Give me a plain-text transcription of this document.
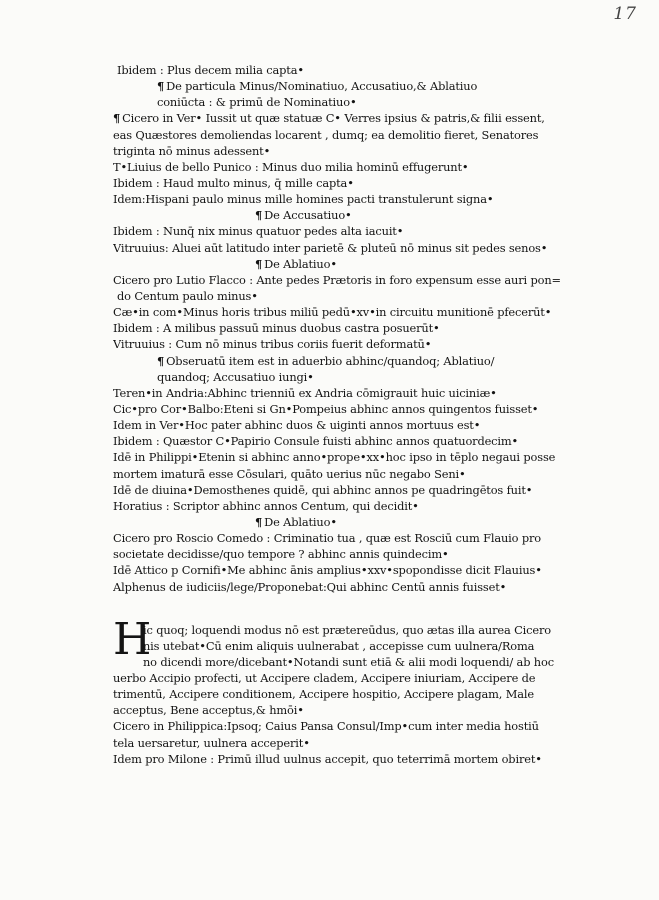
17
Ibidem : Plus decem milia capta•
¶ De particula Minus/Nominatiuo, Accusatiuo,& Ablatiuo
coniūcta : & primū de Nominatiuo•
¶ Cicero in Ver• Iussit ut quæ statuæ C• Verres ipsius & patris,& filii essent,
eas Quæstores demoliendas locarent , dumq; ea demolitio fieret, Senatores
triginta nō minus adessent•
T•Liuius de bello Punico : Minus duo milia hominū effugerunt•
Ibidem : Haud multo minus, q̄ mille capta•
Idem:Hispani paulo minus mille homines pacti transtulerunt signa•
¶ De Accusatiuo•
Ibidem : Nunq̄ nix minus quatuor pedes alta iacuit•
Vitruuius: Aluei aūt latitudo inter parietē & pluteū nō minus sit pedes senos•
¶ De Ablatiuo•
Cicero pro Lutio Flacco : Ante pedes Prætoris in foro expensum esse auri pon=
do Centum paulo minus•
Cæ•in com•Minus horis tribus miliū pedū•xv•in circuitu munitionē pfecerūt•
Ibidem : A milibus passuū minus duobus castra posuerūt•
Vitruuius : Cum nō minus tribus coriis fuerit deformatū•
¶ Obseruatū item est in aduerbio abhinc/quandoq; Ablatiuo/
quandoq; Accusatiuo iungi•
Teren•in Andria:Abhinc trienniū ex Andria cōmigrauit huic uiciniæ•
Cic•pro Cor•Balbo:Eteni si Gn•Pompeius abhinc annos quingentos fuisset•
Idem in Ver•Hoc pater abhinc duos & uiginti annos mortuus est•
Ibidem : Quæstor C•Papirio Consule fuisti abhinc annos quatuordecim•
Idē in Philippi•Etenin si abhinc anno•prope•xx•hoc ipso in tēplo negaui posse
mortem imaturā esse Cōsulari, quāto uerius nūc negabo Seni•
Idē de diuina•Demosthenes quidē, qui abhinc annos pe quadringētos fuit•
Horatius : Scriptor abhinc annos Centum, qui decidit•
¶ De Ablatiuo•
Cicero pro Roscio Comedo : Criminatio tua , quæ est Rosciū cum Flauio pro
societate decidisse/quo tempore ? abhinc annis quindecim•
Idē Attico p Cornifi•Me abhinc ānis amplius•xxv•spopondisse dicit Flauius•
Alphenus de iudiciis/lege/Proponebat:Qui abhinc Centū annis fuisset•
H
ic quoq; loquendi modus nō est prætereūdus, quo ætas illa aurea Cicero
nis utebat•Cū enim aliquis uulnerabat , accepisse cum uulnera/Roma
no dicendi more/dicebant•Notandi sunt etiā & alii modi loquendi/ ab hoc
uerbo Accipio profecti, ut Accipere cladem, Accipere iniuriam, Accipere de
trimentū, Accipere conditionem, Accipere hospitio, Accipere plagam, Male
acceptus, Bene acceptus,& hmōi•
Cicero in Philippica:Ipsoq; Caius Pansa Consul/Imp•cum inter media hostiū
tela uersaretur, uulnera acceperit•
Idem pro Milone : Primū illud uulnus accepit, quo teterrimā mortem obiret•
